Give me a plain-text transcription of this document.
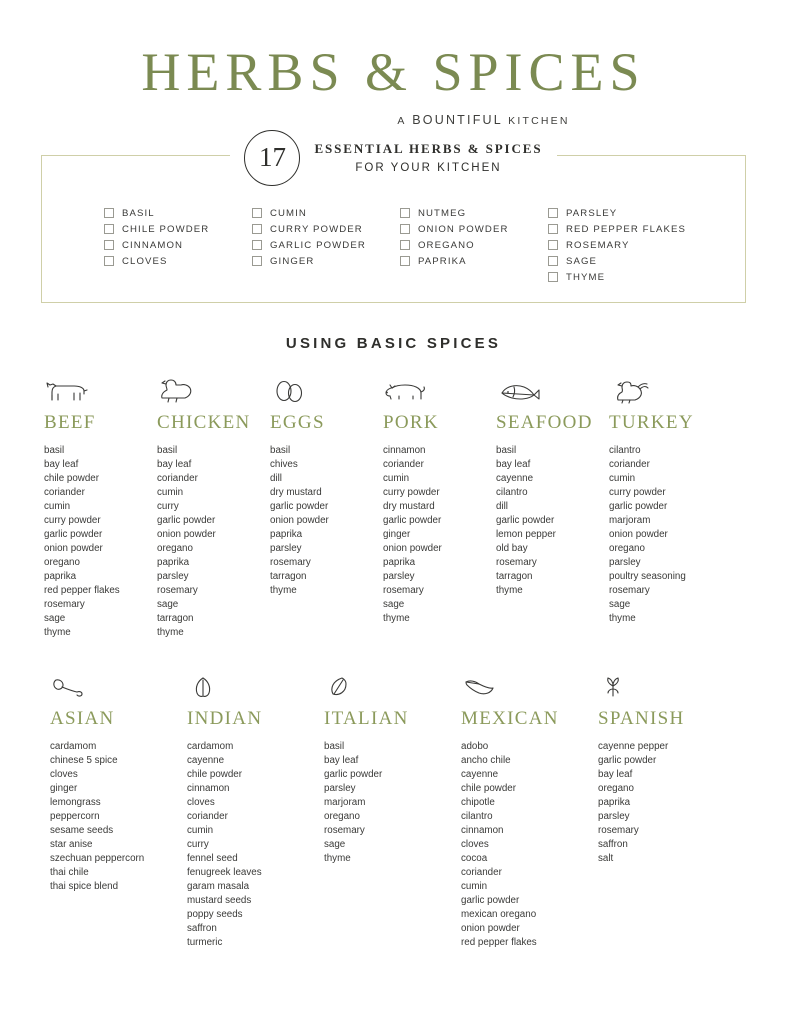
HERBS & SPICES
A BOUNTIFUL KITCHEN
17	ESSENTIAL HERBS & SPICES
FOR YOUR KITCHEN
BASIL
CHILE POWDER
CINNAMON
CLOVES
CUMIN
CURRY POWDER
GARLIC POWDER
GINGER
NUTMEG
ONION POWDER
OREGANO
PAPRIKA
PARSLEY
RED PEPPER FLAKES
ROSEMARY
SAGE
THYME
USING BASIC SPICES
BEEF
basil
bay leaf
chile powder
coriander
cumin
curry powder
garlic powder
onion powder
oregano
paprika
red pepper flakes
rosemary
sage
thyme
CHICKEN
basil
bay leaf
coriander
cumin
curry
garlic powder
onion powder
oregano
paprika
parsley
rosemary
sage
tarragon
thyme
EGGS
basil
chives
dill
dry mustard
garlic powder
onion powder
paprika
parsley
rosemary
tarragon
thyme
PORK
cinnamon
coriander
cumin
curry powder
dry mustard
garlic powder
ginger
onion powder
paprika
parsley
rosemary
sage
thyme
SEAFOOD
basil
bay leaf
cayenne
cilantro
dill
garlic powder
lemon pepper
old bay
rosemary
tarragon
thyme
TURKEY
cilantro
coriander
cumin
curry powder
garlic powder
marjoram
onion powder
oregano
parsley
poultry seasoning
rosemary
sage
thyme
ASIAN
cardamom
chinese 5 spice
cloves
ginger
lemongrass
peppercorn
sesame seeds
star anise
szechuan peppercorn
thai chile
thai spice blend
INDIAN
cardamom
cayenne
chile powder
cinnamon
cloves
coriander
cumin
curry
fennel seed
fenugreek leaves
garam masala
mustard seeds
poppy seeds
saffron
turmeric
ITALIAN
basil
bay leaf
garlic powder
parsley
marjoram
oregano
rosemary
sage
thyme
MEXICAN
adobo
ancho chile
cayenne
chile powder
chipotle
cilantro
cinnamon
cloves
cocoa
coriander
cumin
garlic powder
mexican oregano
onion powder
red pepper flakes
SPANISH
cayenne pepper
garlic powder
bay leaf
oregano
paprika
parsley
rosemary
saffron
salt
